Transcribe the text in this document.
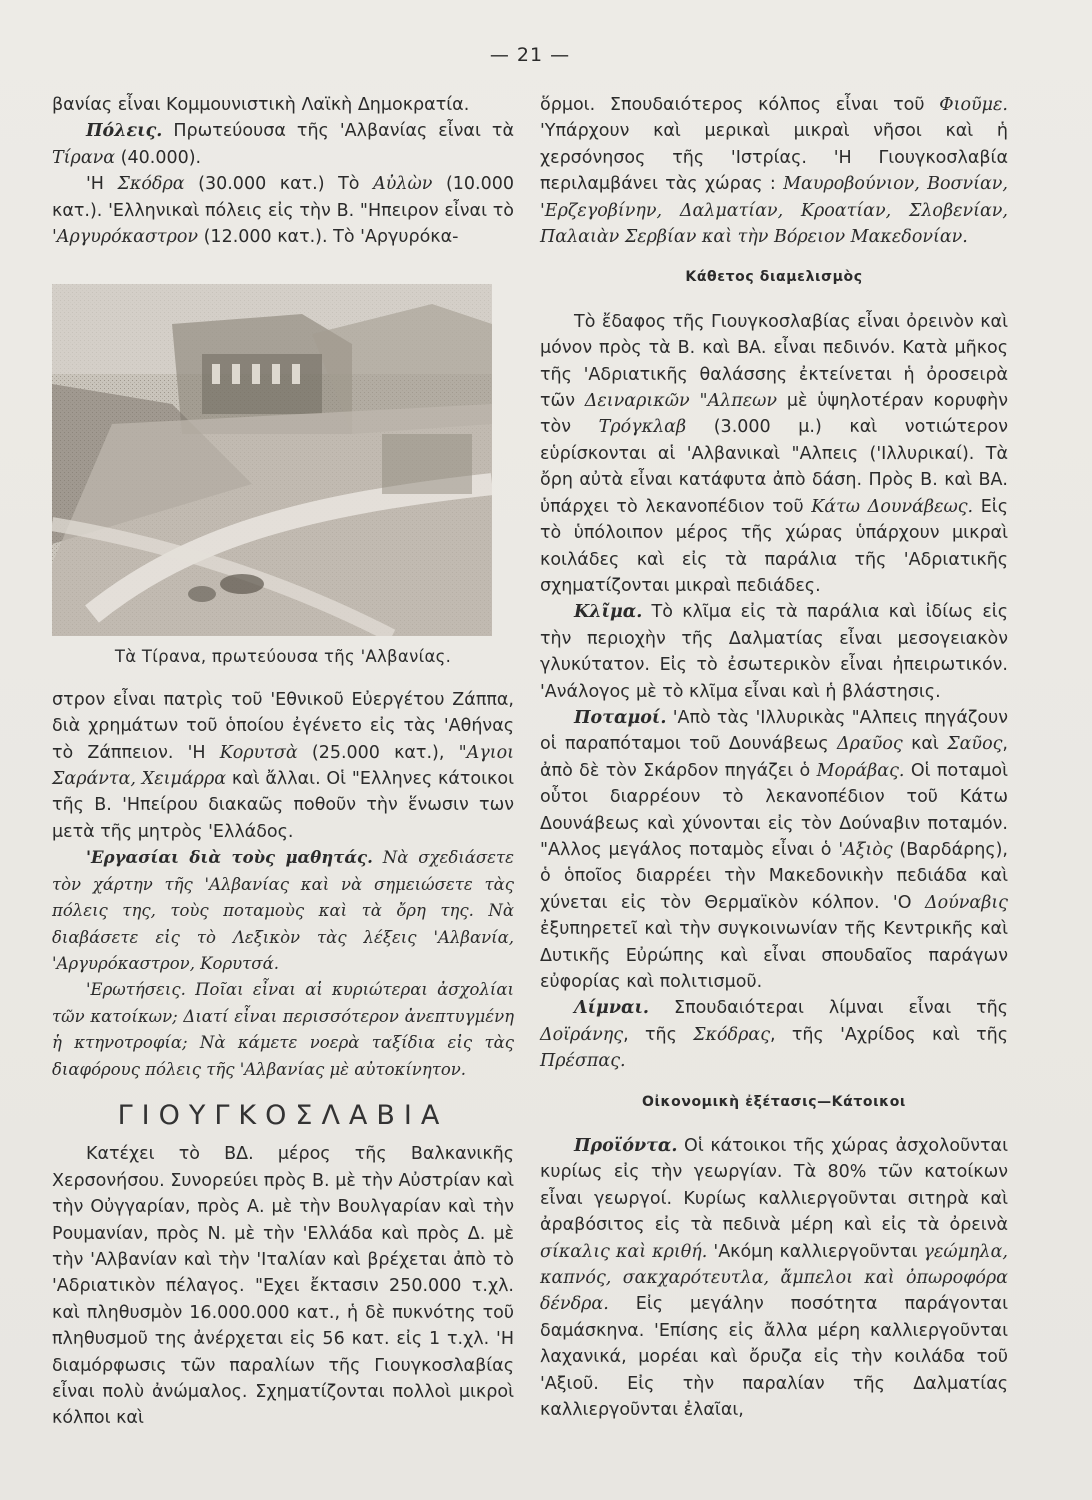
— 21 —

βανίας εἶναι Κομμουνιστικὴ Λαϊκὴ Δημοκρατία.

Πόλεις. Πρωτεύουσα τῆς 'Αλβανίας εἶναι τὰ Τίρανα (40.000).

'Η Σκόδρα (30.000 κατ.) Τὸ Αὐλὼν (10.000 κατ.). 'Ελληνικαὶ πόλεις εἰς τὴν Β. "Ηπειρον εἶναι τὸ 'Αργυρόκαστρον (12.000 κατ.). Τὸ 'Αργυρόκα-

Τὰ Τίρανα, πρωτεύουσα τῆς 'Αλβανίας.

στρον εἶναι πατρὶς τοῦ 'Εθνικοῦ Εὐεργέτου Ζάππα, διὰ χρημάτων τοῦ ὁποίου ἐγένετο εἰς τὰς 'Αθήνας τὸ Ζάππειον. 'Η Κορυτσὰ (25.000 κατ.), "Αγιοι Σαράντα, Χειμάρρα καὶ ἄλλαι. Οἱ "Ελληνες κάτοικοι τῆς Β. 'Ηπείρου διακαῶς ποθοῦν τὴν ἕνωσιν των μετὰ τῆς μητρὸς 'Ελλάδος.

'Εργασίαι διὰ τοὺς μαθητάς. Νὰ σχεδιάσετε τὸν χάρτην τῆς 'Αλβανίας καὶ νὰ σημειώσετε τὰς πόλεις της, τοὺς ποταμοὺς καὶ τὰ ὄρη της. Νὰ διαβάσετε εἰς τὸ Λεξικὸν τὰς λέξεις 'Αλβανία, 'Αργυρόκαστρον, Κορυτσά.

'Ερωτήσεις. Ποῖαι εἶναι αἱ κυριώτεραι ἀσχολίαι τῶν κατοίκων; Διατί εἶναι περισσότερον ἀνεπτυγμένη ἡ κτηνοτροφία; Νὰ κάμετε νοερὰ ταξίδια εἰς τὰς διαφόρους πόλεις τῆς 'Αλβανίας μὲ αὐτοκίνητον.

ΓΙΟΥΓΚΟΣΛΑΒΙΑ

Κατέχει τὸ ΒΔ. μέρος τῆς Βαλκανικῆς Χερσονήσου. Συνορεύει πρὸς Β. μὲ τὴν Αὐστρίαν καὶ τὴν Οὐγγαρίαν, πρὸς Α. μὲ τὴν Βουλγαρίαν καὶ τὴν Ρουμανίαν, πρὸς Ν. μὲ τὴν 'Ελλάδα καὶ πρὸς Δ. μὲ τὴν 'Αλβανίαν καὶ τὴν 'Ιταλίαν καὶ βρέχεται ἀπὸ τὸ 'Αδριατικὸν πέλαγος. "Εχει ἔκτασιν 250.000 τ.χλ. καὶ πληθυσμὸν 16.000.000 κατ., ἡ δὲ πυκνότης τοῦ πληθυσμοῦ της ἀνέρχεται εἰς 56 κατ. εἰς 1 τ.χλ. 'Η διαμόρφωσις τῶν παραλίων τῆς Γιουγκοσλαβίας εἶναι πολὺ ἀνώμαλος. Σχηματίζονται πολλοὶ μικροὶ κόλποι καὶ

ὅρμοι. Σπουδαιότερος κόλπος εἶναι τοῦ Φιοῦμε. 'Υπάρχουν καὶ μερικαὶ μικραὶ νῆσοι καὶ ἡ χερσόνησος τῆς 'Ιστρίας. 'Η Γιουγκοσλαβία περιλαμβάνει τὰς χώρας : Μαυροβούνιον, Βοσνίαν, 'Ερζεγοβίνην, Δαλματίαν, Κροατίαν, Σλοβενίαν, Παλαιὰν Σερβίαν καὶ τὴν Βόρειον Μακεδονίαν.

Κάθετος διαμελισμὸς

Τὸ ἔδαφος τῆς Γιουγκοσλαβίας εἶναι ὀρεινὸν καὶ μόνον πρὸς τὰ Β. καὶ ΒΑ. εἶναι πεδινόν. Κατὰ μῆκος τῆς 'Αδριατικῆς θαλάσσης ἐκτείνεται ἡ ὀροσειρὰ τῶν Δειναρικῶν "Αλπεων μὲ ὑψηλοτέραν κορυφὴν τὸν Τρόγκλαβ (3.000 μ.) καὶ νοτιώτερον εὑρίσκονται αἱ 'Αλβανικαὶ "Αλπεις ('Ιλλυρικαί). Τὰ ὄρη αὐτὰ εἶναι κατάφυτα ἀπὸ δάση. Πρὸς Β. καὶ ΒΑ. ὑπάρχει τὸ λεκανοπέδιον τοῦ Κάτω Δουνάβεως. Εἰς τὸ ὑπόλοιπον μέρος τῆς χώρας ὑπάρχουν μικραὶ κοιλάδες καὶ εἰς τὰ παράλια τῆς 'Αδριατικῆς σχηματίζονται μικραὶ πεδιάδες.

Κλῖμα. Τὸ κλῖμα εἰς τὰ παράλια καὶ ἰδίως εἰς τὴν περιοχὴν τῆς Δαλματίας εἶναι μεσογειακὸν γλυκύτατον. Εἰς τὸ ἐσωτερικὸν εἶναι ἠπειρωτικόν. 'Ανάλογος μὲ τὸ κλῖμα εἶναι καὶ ἡ βλάστησις.

Ποταμοί. 'Απὸ τὰς 'Ιλλυρικὰς "Αλπεις πηγάζουν οἱ παραπόταμοι τοῦ Δουνάβεως Δραῦος καὶ Σαῦος, ἀπὸ δὲ τὸν Σκάρδον πηγάζει ὁ Μοράβας. Οἱ ποταμοὶ οὗτοι διαρρέουν τὸ λεκανοπέδιον τοῦ Κάτω Δουνάβεως καὶ χύνονται εἰς τὸν Δούναβιν ποταμόν. "Αλλος μεγάλος ποταμὸς εἶναι ὁ 'Αξιὸς (Βαρδάρης), ὁ ὁποῖος διαρρέει τὴν Μακεδονικὴν πεδιάδα καὶ χύνεται εἰς τὸν Θερμαϊκὸν κόλπον. 'Ο Δούναβις ἐξυπηρετεῖ καὶ τὴν συγκοινωνίαν τῆς Κεντρικῆς καὶ Δυτικῆς Εὐρώπης καὶ εἶναι σπουδαῖος παράγων εὐφορίας καὶ πολιτισμοῦ.

Λίμναι. Σπουδαιότεραι λίμναι εἶναι τῆς Δοϊράνης, τῆς Σκόδρας, τῆς 'Αχρίδος καὶ τῆς Πρέσπας.

Οἰκονομικὴ ἐξέτασις—Κάτοικοι

Προϊόντα. Οἱ κάτοικοι τῆς χώρας ἀσχολοῦνται κυρίως εἰς τὴν γεωργίαν. Τὰ 80% τῶν κατοίκων εἶναι γεωργοί. Κυρίως καλλιεργοῦνται σιτηρὰ καὶ ἀραβόσιτος εἰς τὰ πεδινὰ μέρη καὶ εἰς τὰ ὀρεινὰ σίκαλις καὶ κριθή. 'Ακόμη καλλιεργοῦνται γεώμηλα, καπνός, σακχαρότευτλα, ἄμπελοι καὶ ὀπωροφόρα δένδρα. Εἰς μεγάλην ποσότητα παράγονται δαμάσκηνα. 'Επίσης εἰς ἄλλα μέρη καλλιεργοῦνται λαχανικά, μορέαι καὶ ὄρυζα εἰς τὴν κοιλάδα τοῦ 'Αξιοῦ. Εἰς τὴν παραλίαν τῆς Δαλματίας καλλιεργοῦνται ἐλαῖαι,
